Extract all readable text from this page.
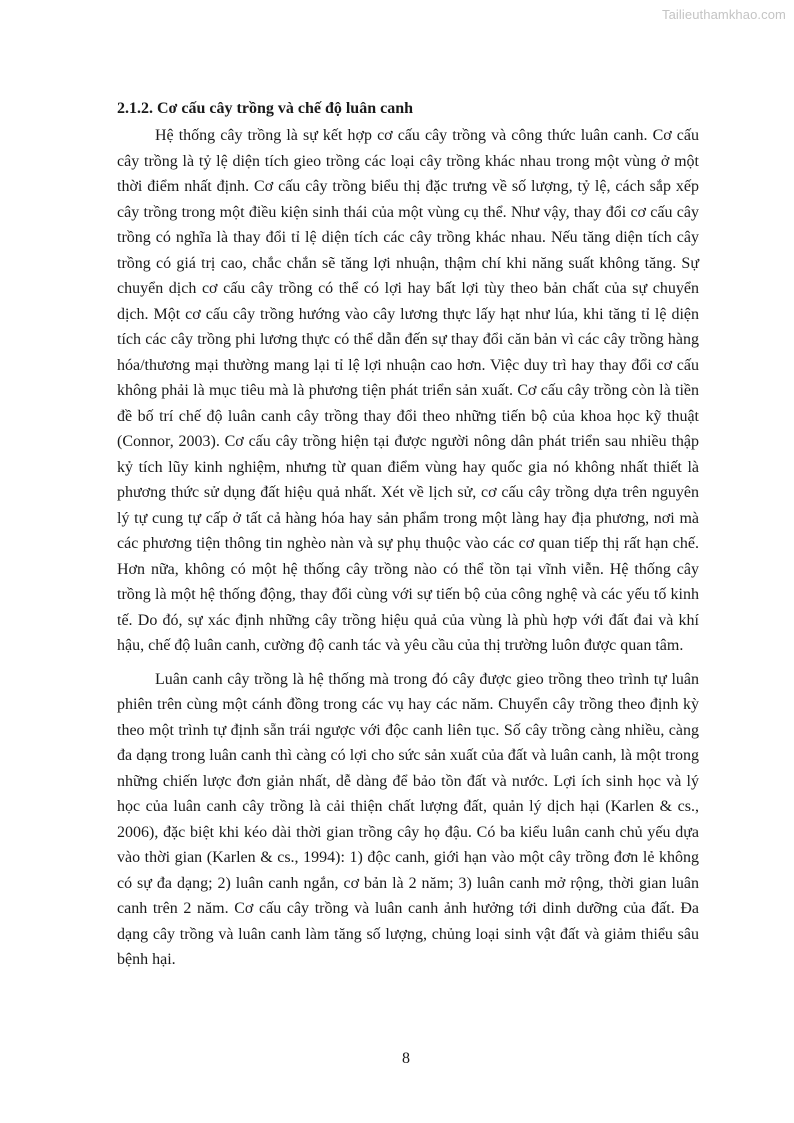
Tailieuthamkhao.com

2.1.2. Cơ cấu cây trồng và chế độ luân canh

Hệ thống cây trồng là sự kết hợp cơ cấu cây trồng và công thức luân canh. Cơ cấu cây trồng là tỷ lệ diện tích gieo trồng các loại cây trồng khác nhau trong một vùng ở một thời điểm nhất định. Cơ cấu cây trồng biểu thị đặc trưng về số lượng, tỷ lệ, cách sắp xếp cây trồng trong một điều kiện sinh thái của một vùng cụ thể. Như vậy, thay đổi cơ cấu cây trồng có nghĩa là thay đổi tỉ lệ diện tích các cây trồng khác nhau. Nếu tăng diện tích cây trồng có giá trị cao, chắc chắn sẽ tăng lợi nhuận, thậm chí khi năng suất không tăng. Sự chuyển dịch cơ cấu cây trồng có thể có lợi hay bất lợi tùy theo bản chất của sự chuyển dịch. Một cơ cấu cây trồng hướng vào cây lương thực lấy hạt như lúa, khi tăng tỉ lệ diện tích các cây trồng phi lương thực có thể dẫn đến sự thay đổi căn bản vì các cây trồng hàng hóa/thương mại thường mang lại tỉ lệ lợi nhuận cao hơn. Việc duy trì hay thay đổi cơ cấu không phải là mục tiêu mà là phương tiện phát triển sản xuất. Cơ cấu cây trồng còn là tiền đề bố trí chế độ luân canh cây trồng thay đổi theo những tiến bộ của khoa học kỹ thuật (Connor, 2003). Cơ cấu cây trồng hiện tại được người nông dân phát triển sau nhiều thập kỷ tích lũy kinh nghiệm, nhưng từ quan điểm vùng hay quốc gia nó không nhất thiết là phương thức sử dụng đất hiệu quả nhất. Xét về lịch sử, cơ cấu cây trồng dựa trên nguyên lý tự cung tự cấp ở tất cả hàng hóa hay sản phẩm trong một làng hay địa phương, nơi mà các phương tiện thông tin nghèo nàn và sự phụ thuộc vào các cơ quan tiếp thị rất hạn chế. Hơn nữa, không có một hệ thống cây trồng nào có thể tồn tại vĩnh viễn. Hệ thống cây trồng là một hệ thống động, thay đổi cùng với sự tiến bộ của công nghệ và các yếu tố kinh tế. Do đó, sự xác định những cây trồng hiệu quả của vùng là phù hợp với đất đai và khí hậu, chế độ luân canh, cường độ canh tác và yêu cầu của thị trường luôn được quan tâm.

Luân canh cây trồng là hệ thống mà trong đó cây được gieo trồng theo trình tự luân phiên trên cùng một cánh đồng trong các vụ hay các năm. Chuyển cây trồng theo định kỳ theo một trình tự định sẵn trái ngược với độc canh liên tục. Số cây trồng càng nhiều, càng đa dạng trong luân canh thì càng có lợi cho sức sản xuất của đất và luân canh, là một trong những chiến lược đơn giản nhất, dễ dàng để bảo tồn đất và nước. Lợi ích sinh học và lý học của luân canh cây trồng là cải thiện chất lượng đất, quản lý dịch hại (Karlen & cs., 2006), đặc biệt khi kéo dài thời gian trồng cây họ đậu. Có ba kiểu luân canh chủ yếu dựa vào thời gian (Karlen & cs., 1994): 1) độc canh, giới hạn vào một cây trồng đơn lẻ không có sự đa dạng; 2) luân canh ngắn, cơ bản là 2 năm; 3) luân canh mở rộng, thời gian luân canh trên 2 năm. Cơ cấu cây trồng và luân canh ảnh hưởng tới dinh dưỡng của đất. Đa dạng cây trồng và luân canh làm tăng số lượng, chủng loại sinh vật đất và giảm thiểu sâu bệnh hại.

8
